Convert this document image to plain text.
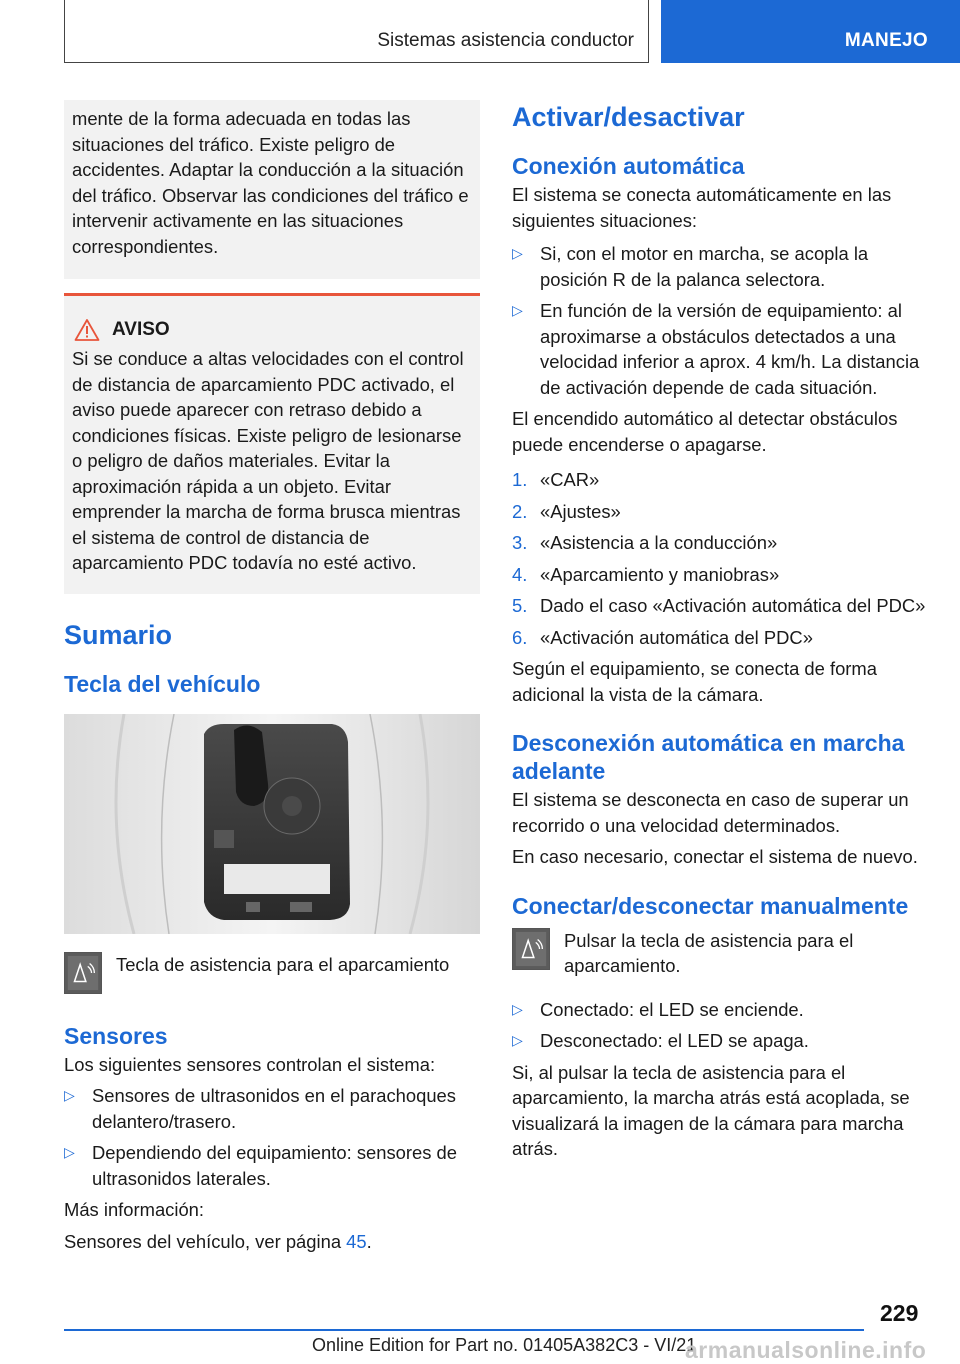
Sistemas asistencia conductor	MANEJO

mente de la forma adecuada en todas las situaciones del tráfico. Existe peligro de accidentes. Adaptar la conducción a la situación del tráfico. Observar las condiciones del tráfico e intervenir activamente en las situaciones correspondientes.

AVISO

Si se conduce a altas velocidades con el control de distancia de aparcamiento PDC activado, el aviso puede aparecer con retraso debido a condiciones físicas. Existe peligro de lesionarse o peligro de daños materiales. Evitar la aproximación rápida a un objeto. Evitar emprender la marcha de forma brusca mientras el sistema de control de distancia de aparcamiento PDC todavía no esté activo.

Sumario
Tecla del vehículo
Tecla de asistencia para el aparcamiento
Sensores

Los siguientes sensores controlan el sistema:

▷ Sensores de ultrasonidos en el parachoques delantero/trasero.
▷ Dependiendo del equipamiento: sensores de ultrasonidos laterales.

Más información:

Sensores del vehículo, ver página 45.

Activar/desactivar
Conexión automática

El sistema se conecta automáticamente en las siguientes situaciones:

▷ Si, con el motor en marcha, se acopla la posición R de la palanca selectora.
▷ En función de la versión de equipamiento: al aproximarse a obstáculos detectados a una velocidad inferior a aprox. 4 km/h. La distancia de activación depende de cada situación.

El encendido automático al detectar obstáculos puede encenderse o apagarse.

1. «CAR»
2. «Ajustes»
3. «Asistencia a la conducción»
4. «Aparcamiento y maniobras»
5. Dado el caso «Activación automática del PDC»
6. «Activación automática del PDC»

Según el equipamiento, se conecta de forma adicional la vista de la cámara.

Desconexión automática en marcha adelante

El sistema se desconecta en caso de superar un recorrido o una velocidad determinados.

En caso necesario, conectar el sistema de nuevo.

Conectar/desconectar manualmente
Pulsar la tecla de asistencia para el aparcamiento.
▷ Conectado: el LED se enciende.
▷ Desconectado: el LED se apaga.

Si, al pulsar la tecla de asistencia para el aparcamiento, la marcha atrás está acoplada, se visualizará la imagen de la cámara para marcha atrás.

229
Online Edition for Part no. 01405A382C3 - VI/21
armanualsonline.info
